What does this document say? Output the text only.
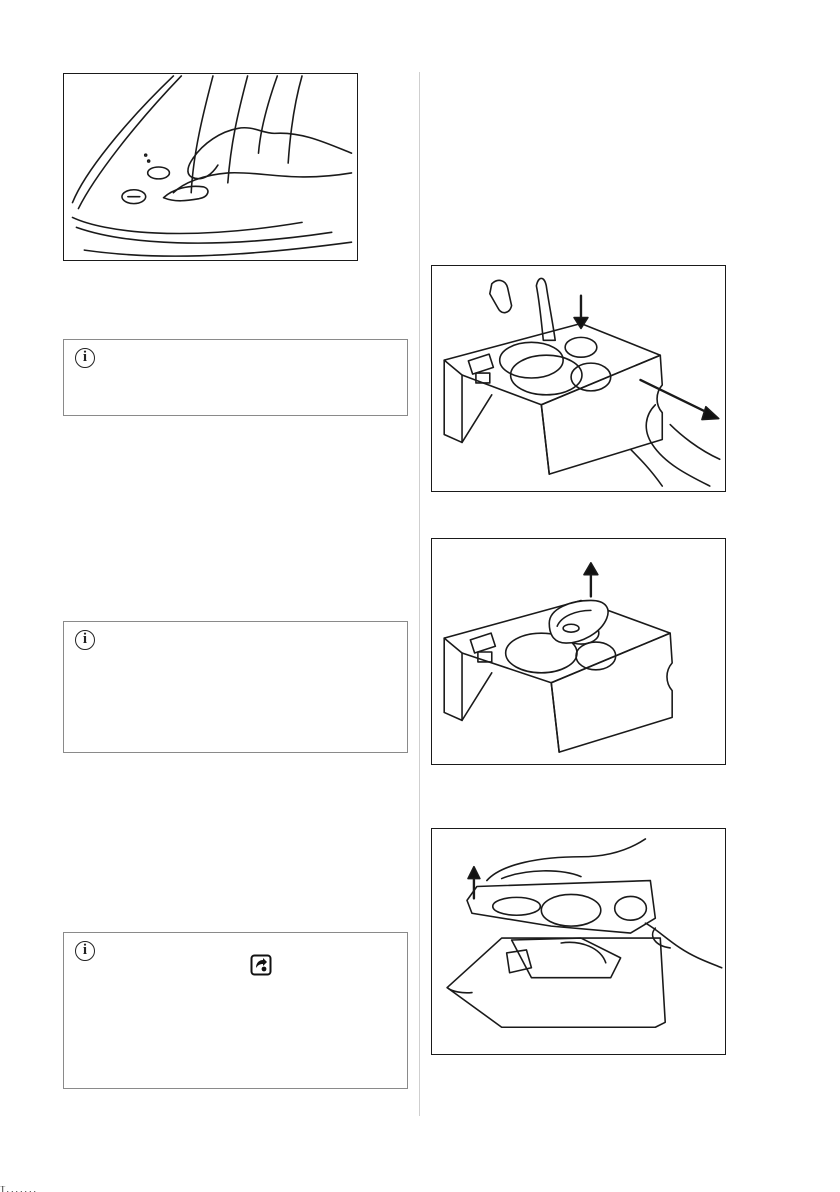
i
i
i
T.......
